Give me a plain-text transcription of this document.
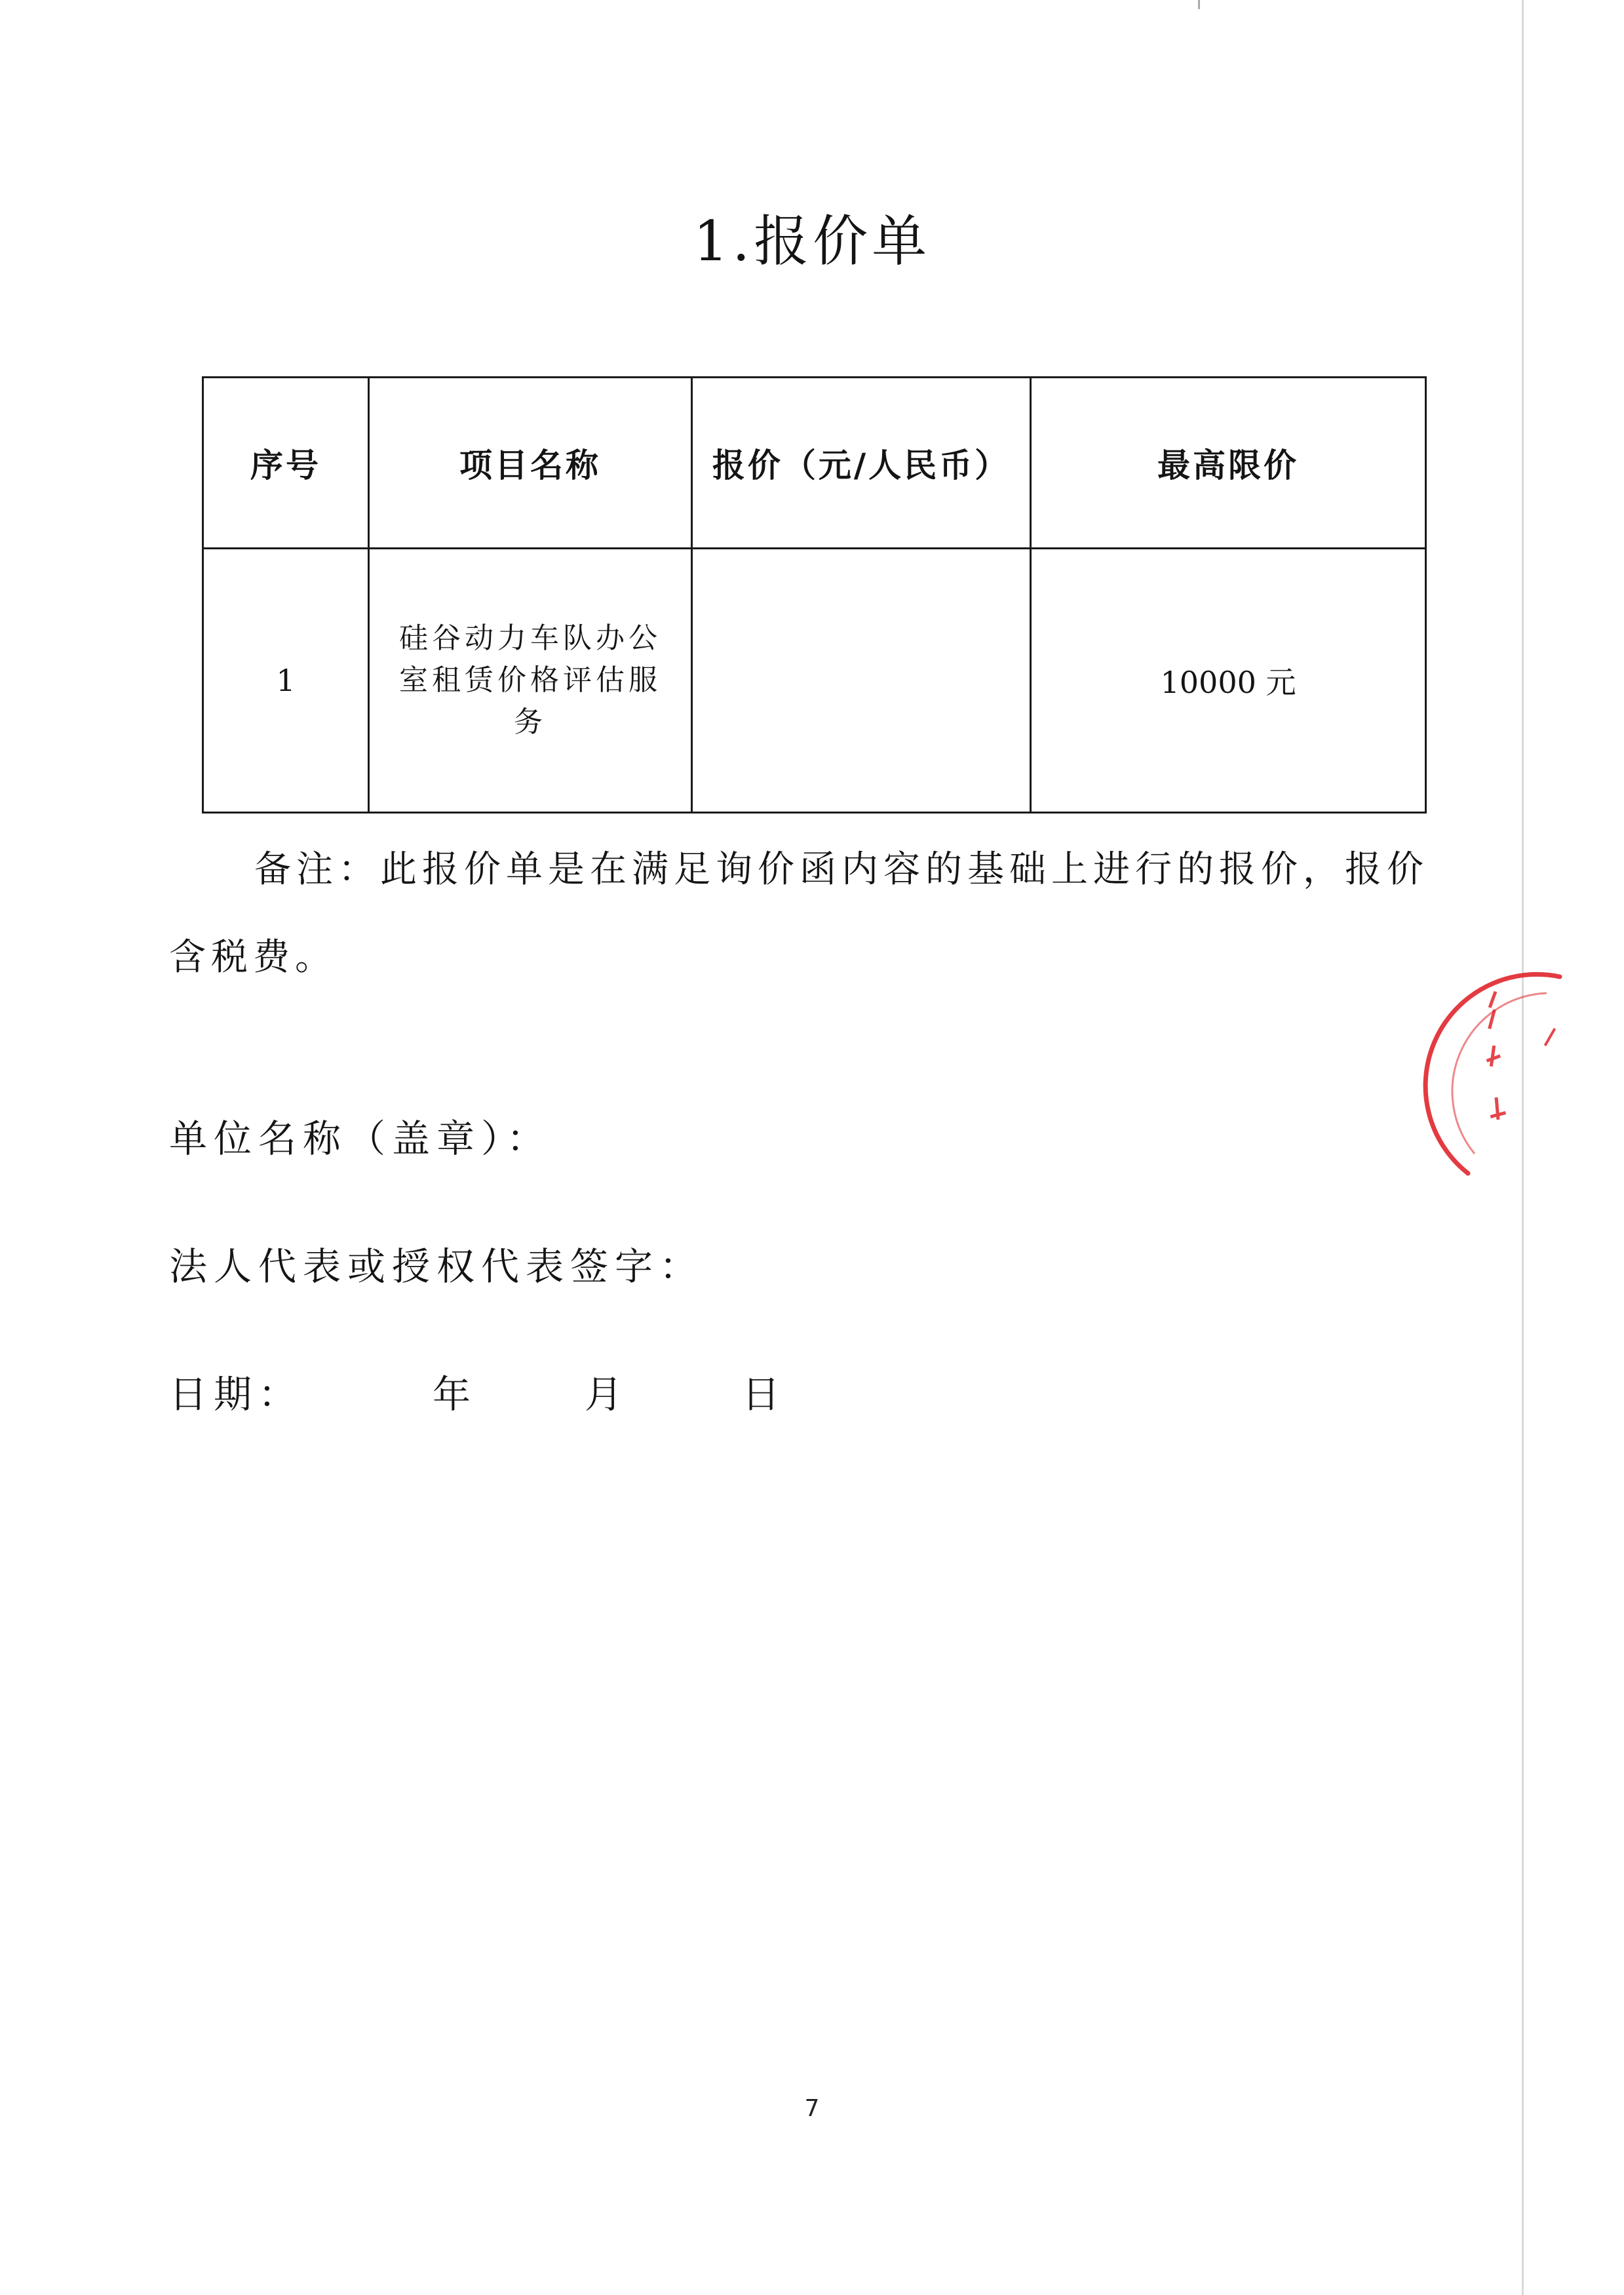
1.报价单
序号	项目名称	报价（元/人民币）	最高限价
1	硅谷动力车队办公室租赁价格评估服务		10000 元
备注：此报价单是在满足询价函内容的基础上进行的报价，报价含税费。
单位名称（盖章）：
法人代表或授权代表签字：
日期：	年	月	日
7
